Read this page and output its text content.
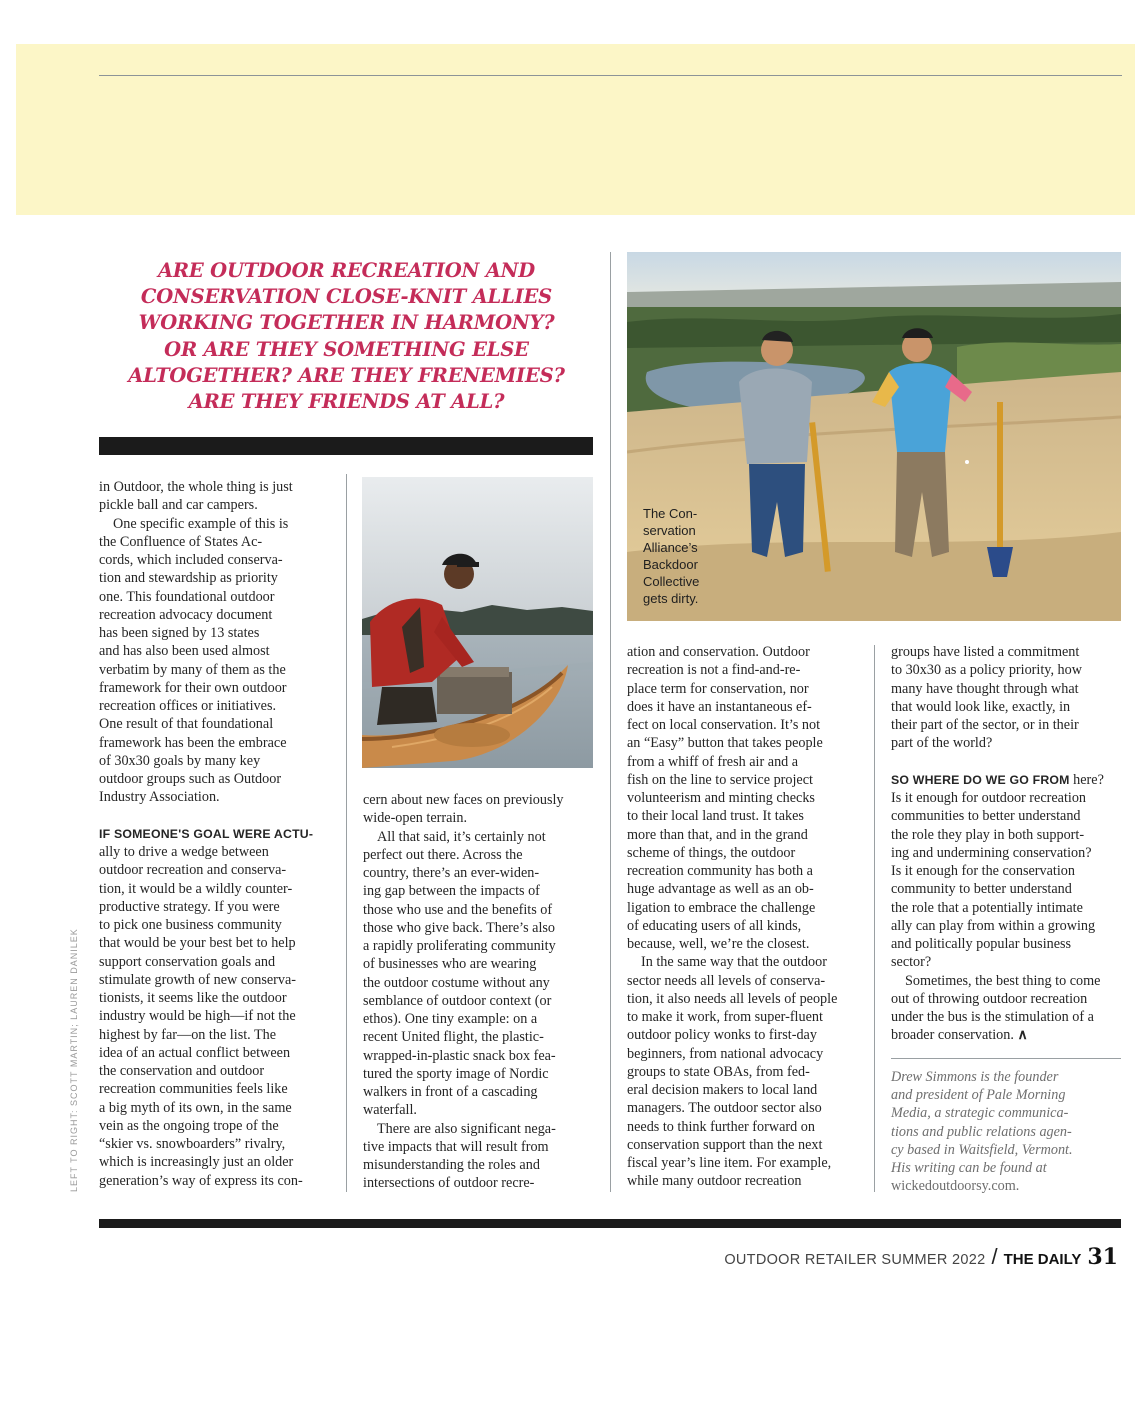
ARE OUTDOOR RECREATION AND
CONSERVATION CLOSE-KNIT ALLIES
WORKING TOGETHER IN HARMONY?
OR ARE THEY SOMETHING ELSE
ALTOGETHER? ARE THEY FRENEMIES?
ARE THEY FRIENDS AT ALL?
The Con-
servation
Alliance’s
Backdoor
Collective
gets dirty.
in Outdoor, the whole thing is just
pickle ball and car campers.
One specific example of this is
the Confluence of States Ac-
cords, which included conserva-
tion and stewardship as priority
one. This foundational outdoor
recreation advocacy document
has been signed by 13 states
and has also been used almost
verbatim by many of them as the
framework for their own outdoor
recreation offices or initiatives.
One result of that foundational
framework has been the embrace
of 30x30 goals by many key
outdoor groups such as Outdoor
Industry Association.
IF SOMEONE'S GOAL WERE ACTU-
ally to drive a wedge between
outdoor recreation and conserva-
tion, it would be a wildly counter-
productive strategy. If you were
to pick one business community
that would be your best bet to help
support conservation goals and
stimulate growth of new conserva-
tionists, it seems like the outdoor
industry would be high—if not the
highest by far—on the list. The
idea of an actual conflict between
the conservation and outdoor
recreation communities feels like
a big myth of its own, in the same
vein as the ongoing trope of the
“skier vs. snowboarders” rivalry,
which is increasingly just an older
generation’s way of express its con-
cern about new faces on previously
wide-open terrain.
All that said, it’s certainly not
perfect out there. Across the
country, there’s an ever-widen-
ing gap between the impacts of
those who use and the benefits of
those who give back. There’s also
a rapidly proliferating community
of businesses who are wearing
the outdoor costume without any
semblance of outdoor context (or
ethos). One tiny example: on a
recent United flight, the plastic-
wrapped-in-plastic snack box fea-
tured the sporty image of Nordic
walkers in front of a cascading
waterfall.
There are also significant nega-
tive impacts that will result from
misunderstanding the roles and
intersections of outdoor recre-
ation and conservation. Outdoor
recreation is not a find-and-re-
place term for conservation, nor
does it have an instantaneous ef-
fect on local conservation. It’s not
an “Easy” button that takes people
from a whiff of fresh air and a
fish on the line to service project
volunteerism and minting checks
to their local land trust. It takes
more than that, and in the grand
scheme of things, the outdoor
recreation community has both a
huge advantage as well as an ob-
ligation to embrace the challenge
of educating users of all kinds,
because, well, we’re the closest.
In the same way that the outdoor
sector needs all levels of conserva-
tion, it also needs all levels of people
to make it work, from super-fluent
outdoor policy wonks to first-day
beginners, from national advocacy
groups to state OBAs, from fed-
eral decision makers to local land
managers. The outdoor sector also
needs to think further forward on
conservation support than the next
fiscal year’s line item. For example,
while many outdoor recreation
groups have listed a commitment
to 30x30 as a policy priority, how
many have thought through what
that would look like, exactly, in
their part of the sector, or in their
part of the world?
SO WHERE DO WE GO FROM here?
Is it enough for outdoor recreation
communities to better understand
the role they play in both support-
ing and undermining conservation?
Is it enough for the conservation
community to better understand
the role that a potentially intimate
ally can play from within a growing
and politically popular business
sector?
Sometimes, the best thing to come
out of throwing outdoor recreation
under the bus is the stimulation of a
broader conservation. ∧
Drew Simmons is the founder
and president of Pale Morning
Media, a strategic communica-
tions and public relations agen-
cy based in Waitsfield, Vermont.
His writing can be found at
wickedoutdoorsy.com.
LEFT TO RIGHT: SCOTT MARTIN; LAUREN DANILEK
OUTDOOR RETAILER SUMMER 2022 / THE DAILY 31
